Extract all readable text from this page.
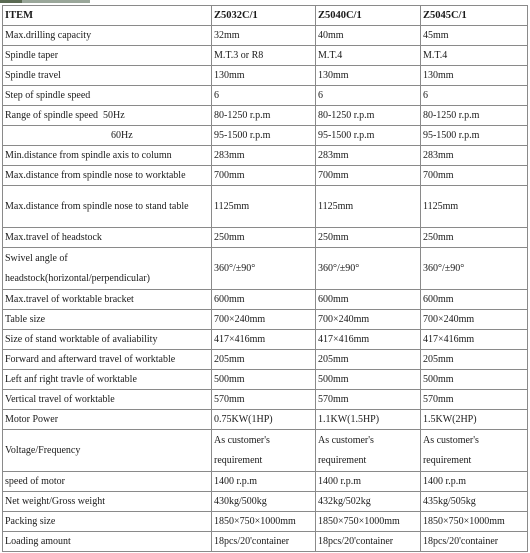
ITEM	Z5032C/1	Z5040C/1	Z5045C/1
Max.drilling capacity	32mm	40mm	45mm
Spindle taper	M.T.3 or R8	M.T.4	M.T.4
Spindle travel	130mm	130mm	130mm
Step of spindle speed	6	6	6
Range of spindle speed  50Hz	80-1250 r.p.m	80-1250 r.p.m	80-1250 r.p.m
60Hz	95-1500 r.p.m	95-1500 r.p.m	95-1500 r.p.m
Min.distance from spindle axis to column	283mm	283mm	283mm
Max.distance from spindle nose to worktable	700mm	700mm	700mm
Max.distance from spindle nose to stand table	1125mm	1125mm	1125mm
Max.travel of headstock	250mm	250mm	250mm
Swivel angle of headstock(horizontal/perpendicular)	360°/±90°	360°/±90°	360°/±90°
Max.travel of worktable bracket	600mm	600mm	600mm
Table size	700×240mm	700×240mm	700×240mm
Size of stand worktable of avaliability	417×416mm	417×416mm	417×416mm
Forward and afterward travel of worktable	205mm	205mm	205mm
Left anf right travle of worktable	500mm	500mm	500mm
Vertical travel of worktable	570mm	570mm	570mm
Motor Power	0.75KW(1HP)	1.1KW(1.5HP)	1.5KW(2HP)
Voltage/Frequency	As customer's requirement	As customer's requirement	As customer's requirement
speed of motor	1400 r.p.m	1400 r.p.m	1400 r.p.m
Net weight/Gross weight	430kg/500kg	432kg/502kg	435kg/505kg
Packing size	1850×750×1000mm	1850×750×1000mm	1850×750×1000mm
Loading amount	18pcs/20'container	18pcs/20'container	18pcs/20'container
